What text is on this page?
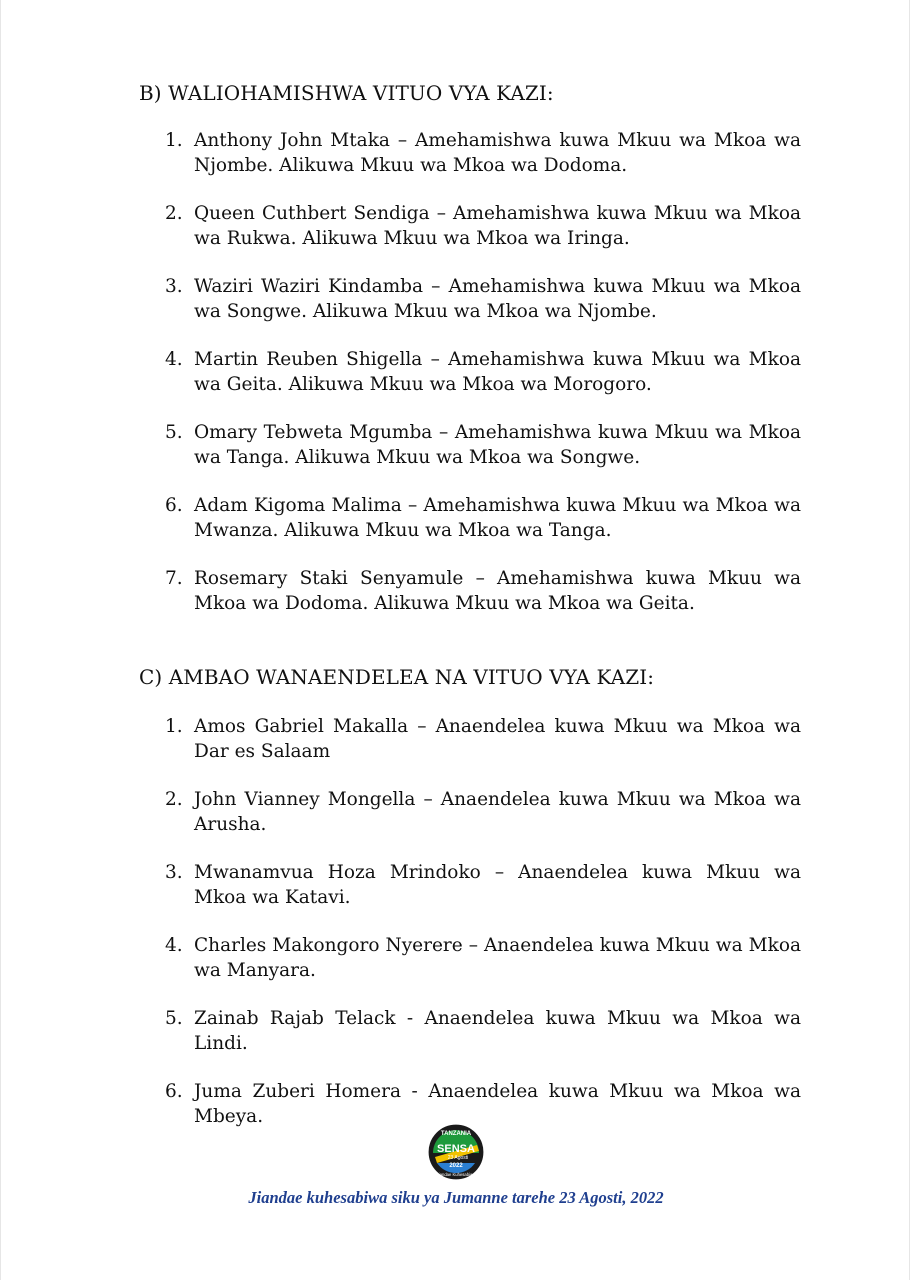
B) WALIOHAMISHWA VITUO VYA KAZI:
1. Anthony John Mtaka – Amehamishwa kuwa Mkuu wa Mkoa wa Njombe. Alikuwa Mkuu wa Mkoa wa Dodoma.
2. Queen Cuthbert Sendiga – Amehamishwa kuwa Mkuu wa Mkoa wa Rukwa. Alikuwa Mkuu wa Mkoa wa Iringa.
3. Waziri Waziri Kindamba – Amehamishwa kuwa Mkuu wa Mkoa wa Songwe. Alikuwa Mkuu wa Mkoa wa Njombe.
4. Martin Reuben Shigella – Amehamishwa kuwa Mkuu wa Mkoa wa Geita. Alikuwa Mkuu wa Mkoa wa Morogoro.
5. Omary Tebweta Mgumba – Amehamishwa kuwa Mkuu wa Mkoa wa Tanga. Alikuwa Mkuu wa Mkoa wa Songwe.
6. Adam Kigoma Malima – Amehamishwa kuwa Mkuu wa Mkoa wa Mwanza. Alikuwa Mkuu wa Mkoa wa Tanga.
7. Rosemary Staki Senyamule – Amehamishwa kuwa Mkuu wa Mkoa wa Dodoma. Alikuwa Mkuu wa Mkoa wa Geita.
C) AMBAO WANAENDELEA NA VITUO VYA KAZI:
1. Amos Gabriel Makalla – Anaendelea kuwa Mkuu wa Mkoa wa Dar es Salaam
2. John Vianney Mongella – Anaendelea kuwa Mkuu wa Mkoa wa Arusha.
3. Mwanamvua Hoza Mrindoko – Anaendelea kuwa Mkuu wa Mkoa wa Katavi.
4. Charles Makongoro Nyerere – Anaendelea kuwa Mkuu wa Mkoa wa Manyara.
5. Zainab Rajab Telack - Anaendelea kuwa Mkuu wa Mkoa wa Lindi.
6. Juma Zuberi Homera - Anaendelea kuwa Mkuu wa Mkoa wa Mbeya.
TANZANIA
SENSA
23 Agosti
2022
Jiandae Kuhesabiwa
Jiandae kuhesabiwa siku ya Jumanne tarehe 23 Agosti, 2022
